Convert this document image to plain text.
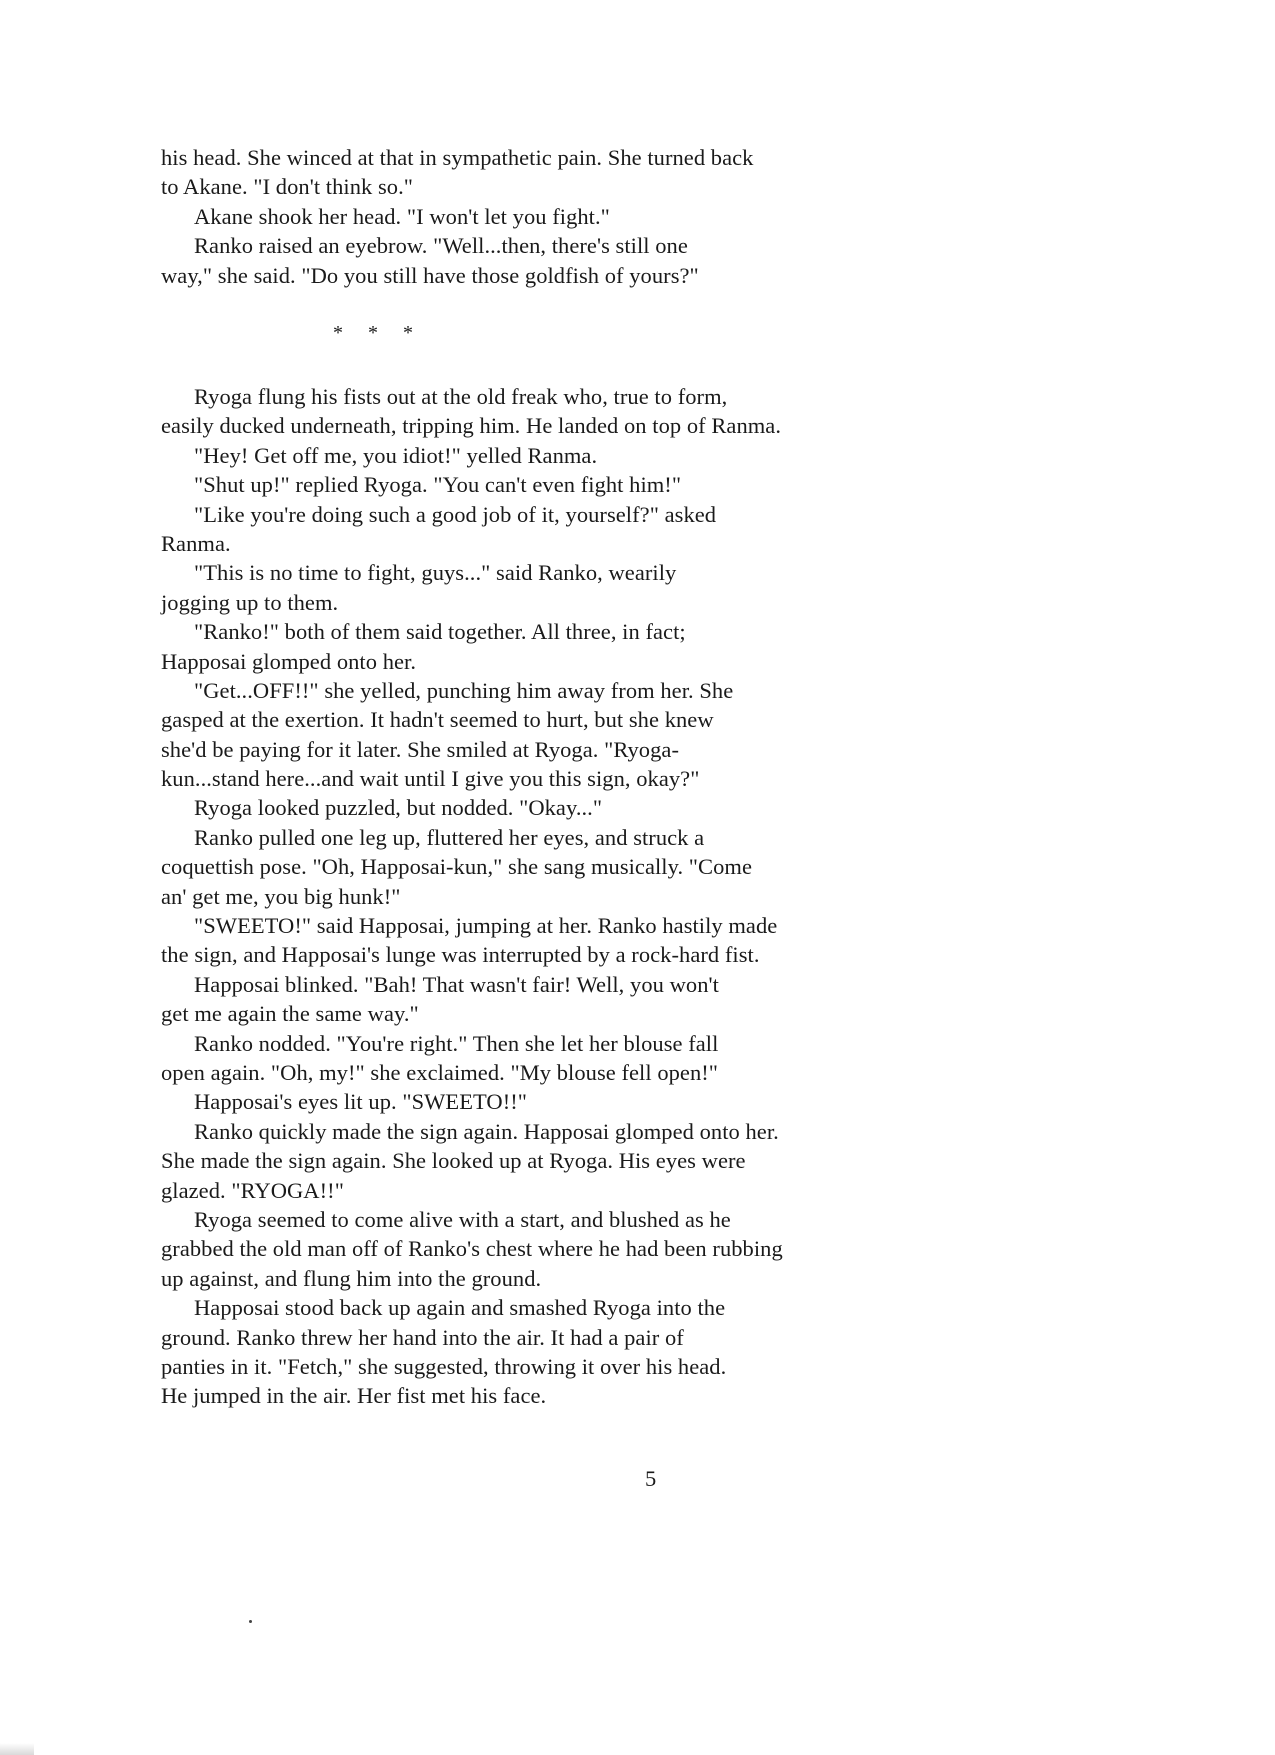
his head. She winced at that in sympathetic pain. She turned back
to Akane. "I don't think so."
Akane shook her head. "I won't let you fight."
Ranko raised an eyebrow. "Well...then, there's still one
way," she said. "Do you still have those goldfish of yours?"
* * *
Ryoga flung his fists out at the old freak who, true to form,
easily ducked underneath, tripping him. He landed on top of Ranma.
"Hey! Get off me, you idiot!" yelled Ranma.
"Shut up!" replied Ryoga. "You can't even fight him!"
"Like you're doing such a good job of it, yourself?" asked
Ranma.
"This is no time to fight, guys..." said Ranko, wearily
jogging up to them.
"Ranko!" both of them said together. All three, in fact;
Happosai glomped onto her.
"Get...OFF!!" she yelled, punching him away from her. She
gasped at the exertion. It hadn't seemed to hurt, but she knew
she'd be paying for it later. She smiled at Ryoga. "Ryoga-
kun...stand here...and wait until I give you this sign, okay?"
Ryoga looked puzzled, but nodded. "Okay..."
Ranko pulled one leg up, fluttered her eyes, and struck a
coquettish pose. "Oh, Happosai-kun," she sang musically. "Come
an' get me, you big hunk!"
"SWEETO!" said Happosai, jumping at her. Ranko hastily made
the sign, and Happosai's lunge was interrupted by a rock-hard fist.
Happosai blinked. "Bah! That wasn't fair! Well, you won't
get me again the same way."
Ranko nodded. "You're right." Then she let her blouse fall
open again. "Oh, my!" she exclaimed. "My blouse fell open!"
Happosai's eyes lit up. "SWEETO!!"
Ranko quickly made the sign again. Happosai glomped onto her.
She made the sign again. She looked up at Ryoga. His eyes were
glazed. "RYOGA!!"
Ryoga seemed to come alive with a start, and blushed as he
grabbed the old man off of Ranko's chest where he had been rubbing
up against, and flung him into the ground.
Happosai stood back up again and smashed Ryoga into the
ground. Ranko threw her hand into the air. It had a pair of
panties in it. "Fetch," she suggested, throwing it over his head.
He jumped in the air. Her fist met his face.
5
